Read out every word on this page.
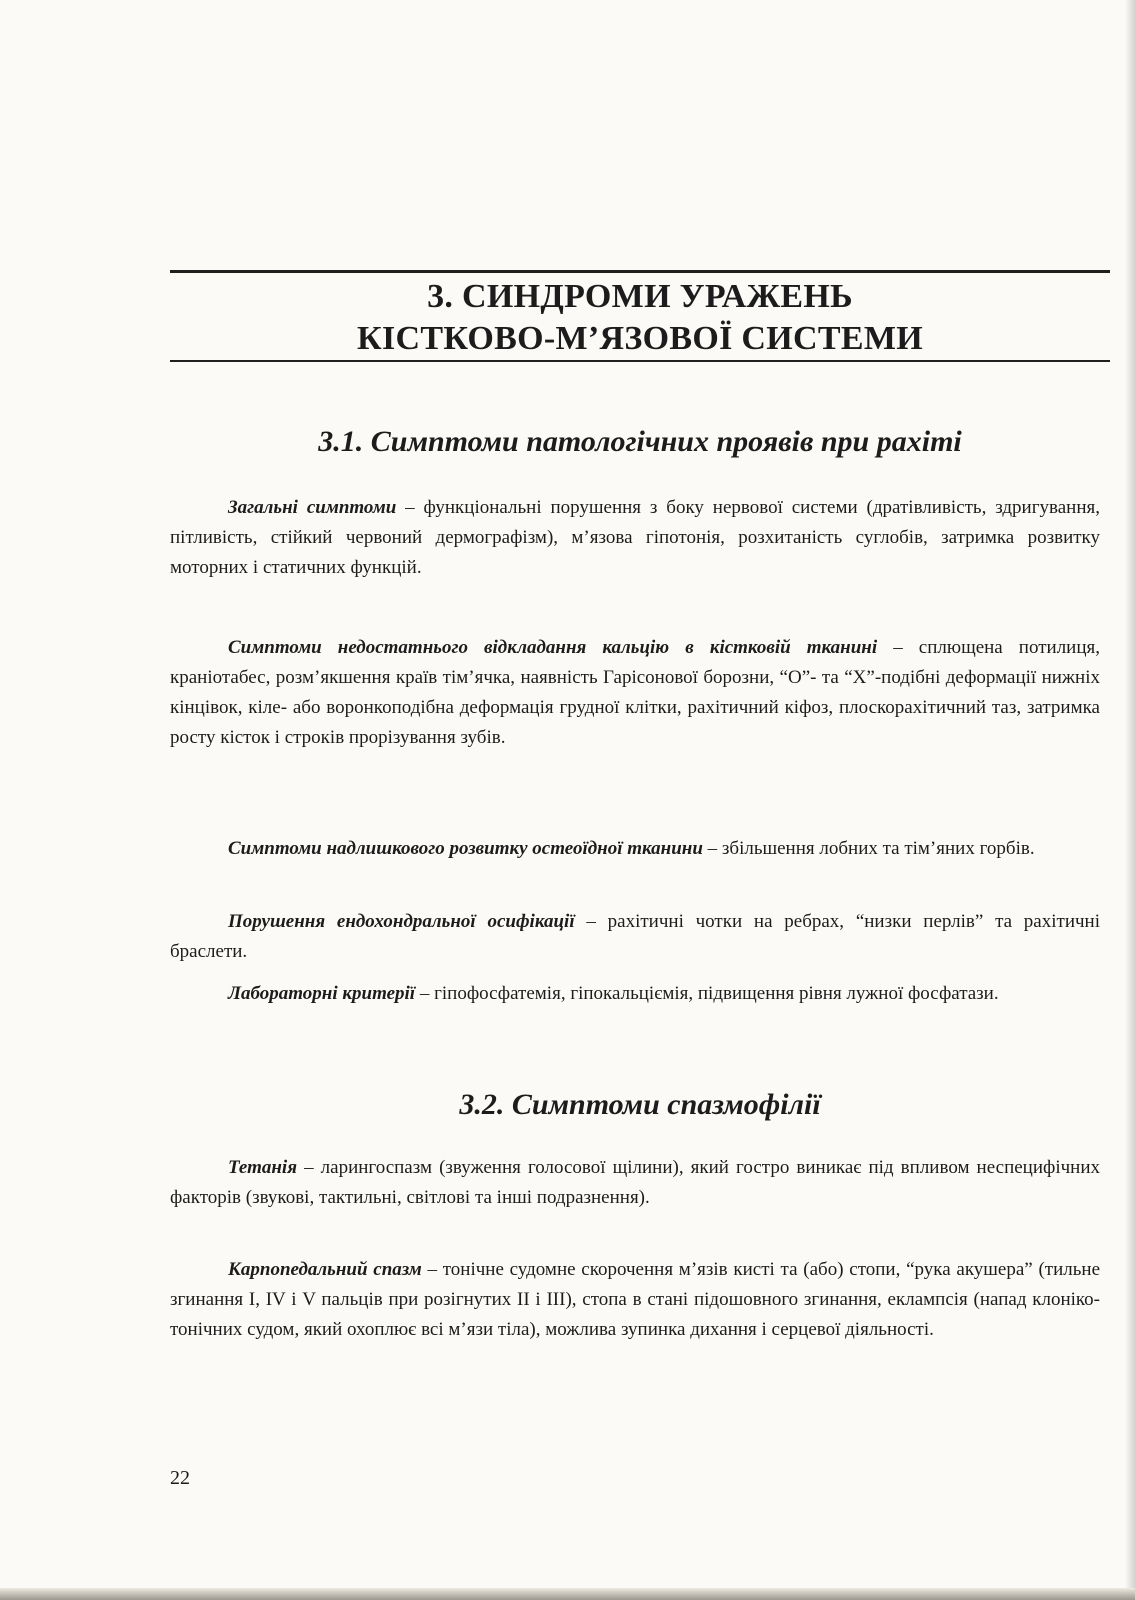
3. СИНДРОМИ УРАЖЕНЬ
КІСТКОВО-М’ЯЗОВОЇ СИСТЕМИ
3.1. Симптоми патологічних проявів при рахіті

Загальні симптоми – функціональні порушення з боку нервової системи (дратівливість, здригування, пітливість, стійкий червоний дермографізм), м’язова гіпотонія, розхитаність суглобів, затримка розвитку моторних і статичних функцій.

Симптоми недостатнього відкладання кальцію в кістковій тканині – сплющена потилиця, краніотабес, розм’якшення країв тім’ячка, наявність Гарісонової борозни, “О”- та “Х”-подібні деформації нижніх кінцівок, кіле- або воронкоподібна деформація грудної клітки, рахітичний кіфоз, плоскорахітичний таз, затримка росту кісток і строків прорізування зубів.

Симптоми надлишкового розвитку остеоїдної тканини – збільшення лобних та тім’яних горбів.

Порушення ендохондральної осифікації – рахітичні чотки на ребрах, “низки перлів” та рахітичні браслети.

Лабораторні критерії – гіпофосфатемія, гіпокальціємія, підвищення рівня лужної фосфатази.

3.2. Симптоми спазмофілії

Тетанія – ларингоспазм (звуження голосової щілини), який гостро виникає під впливом неспецифічних факторів (звукові, тактильні, світлові та інші подразнення).

Карпопедальний спазм – тонічне судомне скорочення м’язів кисті та (або) стопи, “рука акушера” (тильне згинання I, IV і V пальців при розігнутих II і III), стопа в стані підошовного згинання, еклампсія (напад клоніко-тонічних судом, який охоплює всі м’язи тіла), можлива зупинка дихання і серцевої діяльності.

22
